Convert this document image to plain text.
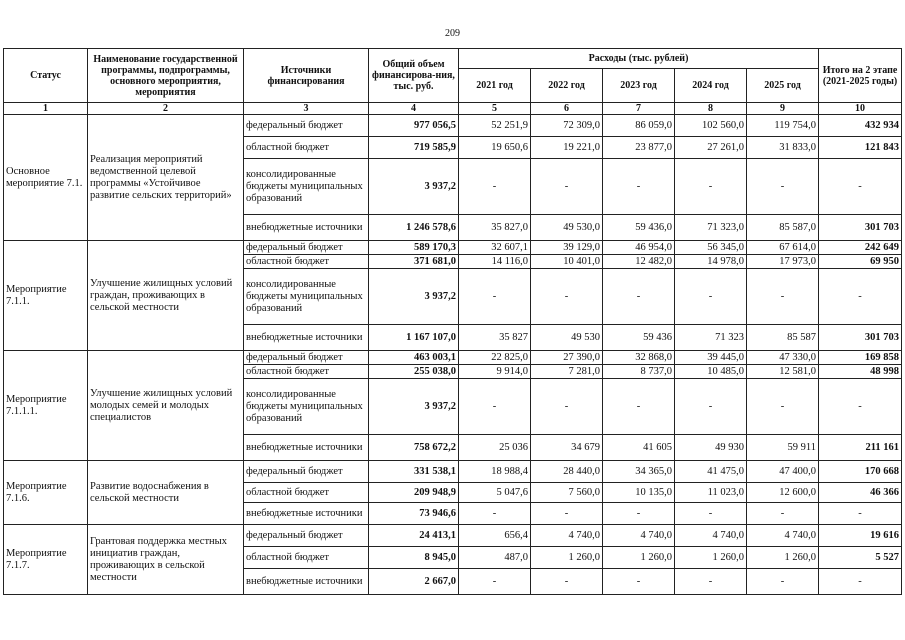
209
Статус	Наименование государственной программы, подпрограммы, основного мероприятия, мероприятия	Источники финансирования	Общий объем финансирова-ния, тыс. руб.	Расходы (тыс. рублей)					Итого на 2 этапе (2021-2025 годы)
				2021 год	2022 год	2023 год	2024 год	2025 год	
1	2	3	4	5	6	7	8	9	10
Основное мероприятие 7.1.	Реализация мероприятий ведомственной целевой программы «Устойчивое развитие сельских территорий»	федеральный бюджет	977 056,5	52 251,9	72 309,0	86 059,0	102 560,0	119 754,0	432 934
		областной бюджет	719 585,9	19 650,6	19 221,0	23 877,0	27 261,0	31 833,0	121 843
		консолидированные бюджеты муниципальных образований	3 937,2	-	-	-	-	-	-
		внебюджетные источники	1 246 578,6	35 827,0	49 530,0	59 436,0	71 323,0	85 587,0	301 703
Мероприятие 7.1.1.	Улучшение жилищных условий граждан, проживающих в сельской местности	федеральный бюджет	589 170,3	32 607,1	39 129,0	46 954,0	56 345,0	67 614,0	242 649
		областной бюджет	371 681,0	14 116,0	10 401,0	12 482,0	14 978,0	17 973,0	69 950
		консолидированные бюджеты муниципальных образований	3 937,2	-	-	-	-	-	-
		внебюджетные источники	1 167 107,0	35 827	49 530	59 436	71 323	85 587	301 703
Мероприятие 7.1.1.1.	Улучшение жилищных условий молодых семей и молодых специалистов	федеральный бюджет	463 003,1	22 825,0	27 390,0	32 868,0	39 445,0	47 330,0	169 858
		областной бюджет	255 038,0	9 914,0	7 281,0	8 737,0	10 485,0	12 581,0	48 998
		консолидированные бюджеты муниципальных образований	3 937,2	-	-	-	-	-	-
		внебюджетные источники	758 672,2	25 036	34 679	41 605	49 930	59 911	211 161
Мероприятие 7.1.6.	Развитие водоснабжения в сельской местности	федеральный бюджет	331 538,1	18 988,4	28 440,0	34 365,0	41 475,0	47 400,0	170 668
		областной бюджет	209 948,9	5 047,6	7 560,0	10 135,0	11 023,0	12 600,0	46 366
		внебюджетные источники	73 946,6	-	-	-	-	-	-
Мероприятие 7.1.7.	Грантовая поддержка местных инициатив граждан, проживающих в сельской местности	федеральный бюджет	24 413,1	656,4	4 740,0	4 740,0	4 740,0	4 740,0	19 616
		областной бюджет	8 945,0	487,0	1 260,0	1 260,0	1 260,0	1 260,0	5 527
		внебюджетные источники	2 667,0	-	-	-	-	-	-
